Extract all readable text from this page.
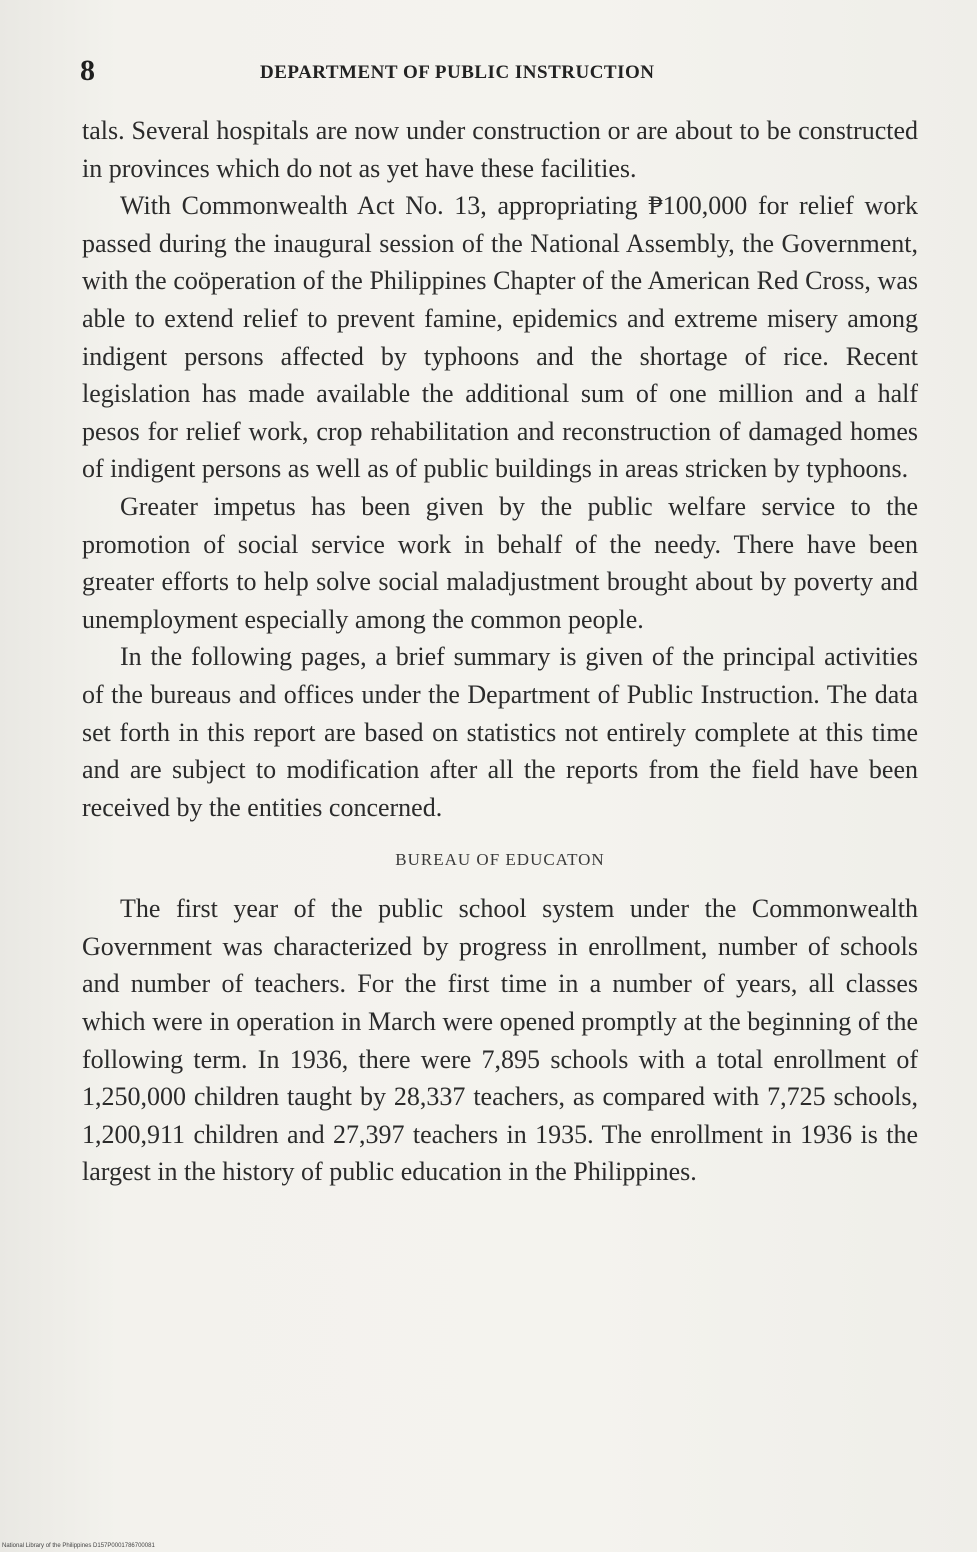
8	DEPARTMENT OF PUBLIC INSTRUCTION

tals. Several hospitals are now under construction or are about to be constructed in provinces which do not as yet have these facilities.

With Commonwealth Act No. 13, appropriating ₱100,000 for relief work passed during the inaugural session of the National Assembly, the Government, with the coöperation of the Philippines Chapter of the American Red Cross, was able to extend relief to prevent famine, epidemics and extreme misery among indigent persons affected by typhoons and the shortage of rice. Recent legislation has made available the additional sum of one million and a half pesos for relief work, crop rehabilitation and reconstruction of damaged homes of indigent persons as well as of public buildings in areas stricken by typhoons.

Greater impetus has been given by the public welfare service to the promotion of social service work in behalf of the needy. There have been greater efforts to help solve social maladjustment brought about by poverty and unemployment especially among the common people.

In the following pages, a brief summary is given of the principal activities of the bureaus and offices under the Department of Public Instruction. The data set forth in this report are based on statistics not entirely complete at this time and are subject to modification after all the reports from the field have been received by the entities concerned.

BUREAU OF EDUCATON

The first year of the public school system under the Commonwealth Government was characterized by progress in enrollment, number of schools and number of teachers. For the first time in a number of years, all classes which were in operation in March were opened promptly at the beginning of the following term. In 1936, there were 7,895 schools with a total enrollment of 1,250,000 children taught by 28,337 teachers, as compared with 7,725 schools, 1,200,911 children and 27,397 teachers in 1935. The enrollment in 1936 is the largest in the history of public education in the Philippines.

National Library of the Philippines D157P0001786700081
